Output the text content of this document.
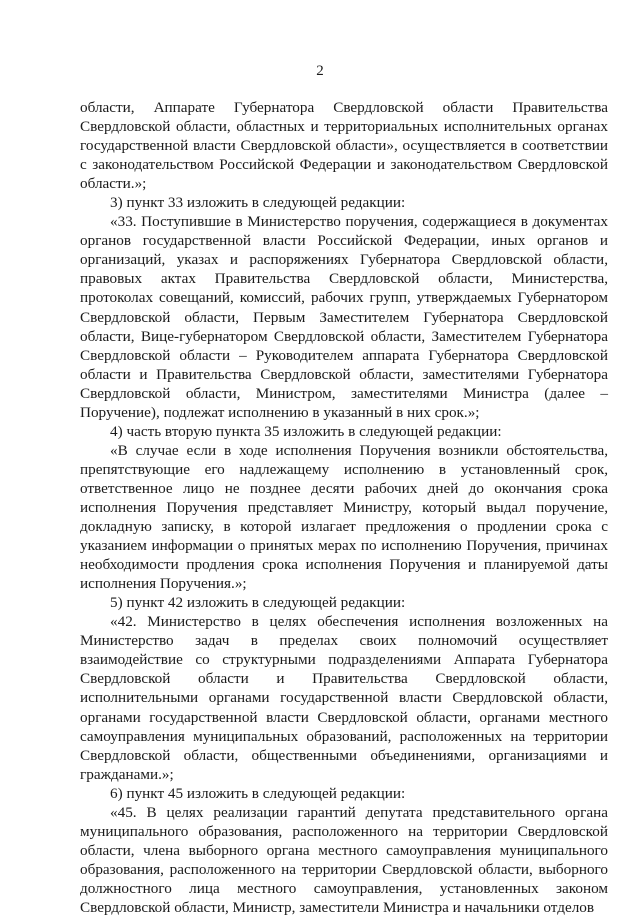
2

области, Аппарате Губернатора Свердловской области Правительства Свердловской области, областных и территориальных исполнительных органах государственной власти Свердловской области», осуществляется в соответствии с законодательством Российской Федерации и законодательством Свердловской области.»;

3) пункт 33 изложить в следующей редакции:

«33. Поступившие в Министерство поручения, содержащиеся в документах органов государственной власти Российской Федерации, иных органов и организаций, указах и распоряжениях Губернатора Свердловской области, правовых актах Правительства Свердловской области, Министерства, протоколах совещаний, комиссий, рабочих групп, утверждаемых Губернатором Свердловской области, Первым Заместителем Губернатора Свердловской области, Вице-губернатором Свердловской области, Заместителем Губернатора Свердловской области – Руководителем аппарата Губернатора Свердловской области и Правительства Свердловской области, заместителями Губернатора Свердловской области, Министром, заместителями Министра (далее – Поручение), подлежат исполнению в указанный в них срок.»;

4) часть вторую пункта 35 изложить в следующей редакции:

«В случае если в ходе исполнения Поручения возникли обстоятельства, препятствующие его надлежащему исполнению в установленный срок, ответственное лицо не позднее десяти рабочих дней до окончания срока исполнения Поручения представляет Министру, который выдал поручение, докладную записку, в которой излагает предложения о продлении срока с указанием информации о принятых мерах по исполнению Поручения, причинах необходимости продления срока исполнения Поручения и планируемой даты исполнения Поручения.»;

5) пункт 42 изложить в следующей редакции:

«42. Министерство в целях обеспечения исполнения возложенных на Министерство задач в пределах своих полномочий осуществляет взаимодействие со структурными подразделениями Аппарата Губернатора Свердловской области и Правительства Свердловской области, исполнительными органами государственной власти Свердловской области, органами государственной власти Свердловской области, органами местного самоуправления муниципальных образований, расположенных на территории Свердловской области, общественными объединениями, организациями и гражданами.»;

6) пункт 45 изложить в следующей редакции:

«45. В целях реализации гарантий депутата представительного органа муниципального образования, расположенного на территории Свердловской области, члена выборного органа местного самоуправления муниципального образования, расположенного на территории Свердловской области, выборного должностного лица местного самоуправления, установленных законом Свердловской области, Министр, заместители Министра и начальники отделов
